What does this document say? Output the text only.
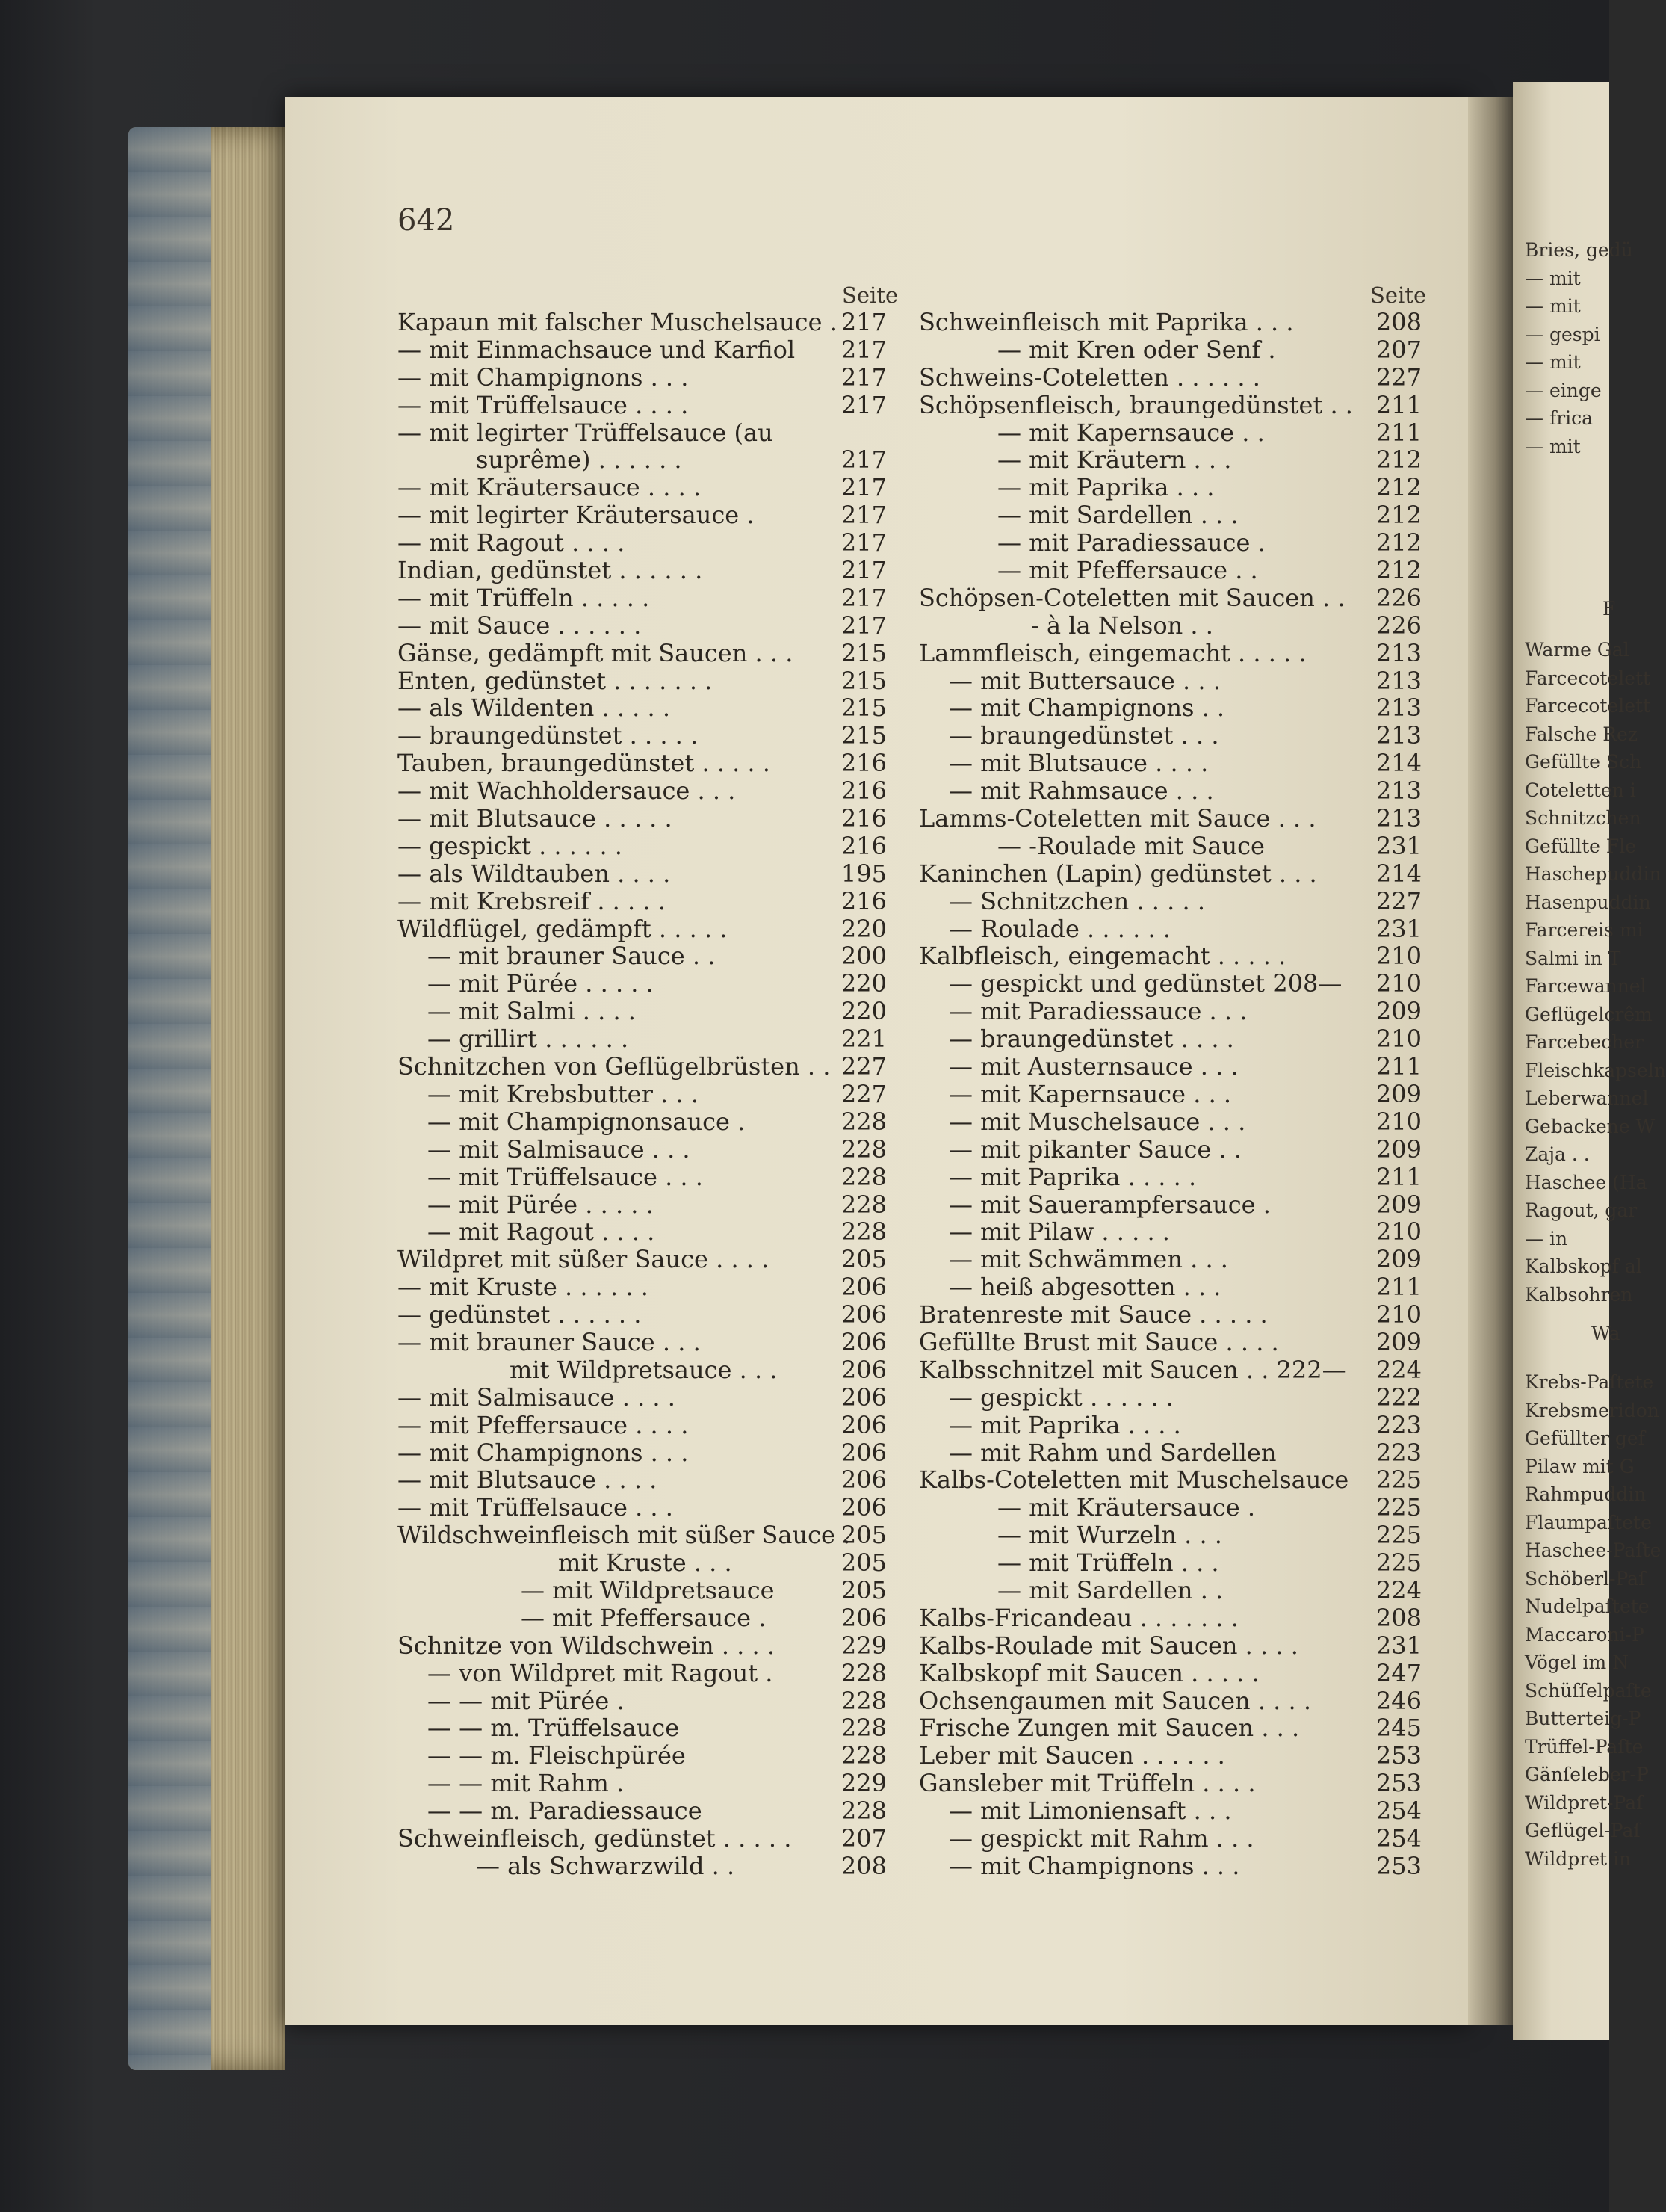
642
Seite	Seite
Kapaun mit falscher Muschelsauce . 217
— mit Einmachsauce und Karfiol 217
— mit Champignons . . .	217
— mit Trüffelsauce . . . .	217
— mit legirter Trüffelsauce (au
suprême) . . . . . .	217
— mit Kräutersauce . . . .	217
— mit legirter Kräutersauce .	217
— mit Ragout . . . .	217
Indian, gedünstet . . . . . .	217
— mit Trüffeln . . . . .	217
— mit Sauce . . . . . .	217
Gänse, gedämpft mit Saucen . . . 215
Enten, gedünstet . . . . . . .	215
— als Wildenten . . . . .	215
— braungedünstet . . . . .	215
Tauben, braungedünstet . . . . .	216
— mit Wachholdersauce . . .	216
— mit Blutsauce . . . . .	216
— gespickt . . . . . .	216
— als Wildtauben . . . .	195
— mit Krebsreif . . . . .	216
Wildflügel, gedämpft . . . . .	220
— mit brauner Sauce . .	200
— mit Pürée . . . . .	220
— mit Salmi . . . .	220
— grillirt . . . . . .	221
Schnitzchen von Geflügelbrüsten . . 227
— mit Krebsbutter . . .	227
— mit Champignonsauce .	228
— mit Salmisauce . . .	228
— mit Trüffelsauce . . .	228
— mit Pürée . . . . .	228
— mit Ragout . . . .	228
Wildpret mit süßer Sauce . . . .	205
— mit Kruste . . . . . .	206
— gedünstet . . . . . .	206
— mit brauner Sauce . . .	206
mit Wildpretsauce . . .	206
— mit Salmisauce . . . .	206
— mit Pfeffersauce . . . .	206
— mit Champignons . . .	206
— mit Blutsauce . . . .	206
— mit Trüffelsauce . . .	206
Wildschweinfleisch mit süßer Sauce .
205
mit Kruste . . .	205
— mit Wildpretsauce	205
— mit Pfeffersauce .	206
Schnitze von Wildschwein . . . .	229
— von Wildpret mit Ragout .	228
— — mit Pürée .	228
— — m. Trüffelsauce	228
— — m. Fleischpürée	228
— — mit Rahm .	229
— — m. Paradiessauce	228
Schweinfleisch, gedünstet . . . . . 207
— als Schwarzwild . .	208
Schweinfleisch mit Paprika . . .	208
— mit Kren oder Senf .	207
Schweins-Coteletten . . . . . .	227
Schöpsenfleisch, braungedünstet . . 211
— mit Kapernsauce . .	211
— mit Kräutern . . .	212
— mit Paprika . . .	212
— mit Sardellen . . .	212
— mit Paradiessauce .	212
— mit Pfeffersauce . .	212
Schöpsen-Coteletten mit Saucen . . 226
- à la Nelson . .	226
Lammfleisch, eingemacht . . . . .	213
— mit Buttersauce . . .	213
— mit Champignons . .	213
— braungedünstet . . .	213
— mit Blutsauce . . . .	214
— mit Rahmsauce . . .	213
Lamms-Coteletten mit Sauce . . .	213
— -Roulade mit Sauce	231
Kaninchen (Lapin) gedünstet . . . 214
— Schnitzchen . . . . .	227
— Roulade . . . . . .	231
Kalbfleisch, eingemacht . . . . .	210
— gespickt und gedünstet 208— 210
— mit Paradiessauce . . .	209
— braungedünstet . . . .	210
— mit Austernsauce . . .	211
— mit Kapernsauce . . .	209
— mit Muschelsauce . . .	210
— mit pikanter Sauce . .	209
— mit Paprika . . . . .	211
— mit Sauerampfersauce .	209
— mit Pilaw . . . . .	210
— mit Schwämmen . . .	209
— heiß abgesotten . . .	211
Bratenreste mit Sauce . . . . .	210
Gefüllte Brust mit Sauce . . . .	209
Kalbsschnitzel mit Saucen . . 222— 224
— gespickt . . . . . .	222
— mit Paprika . . . .	223
— mit Rahm und Sardellen	223
Kalbs-Coteletten mit Muschelsauce 225
— mit Kräutersauce .	225
— mit Wurzeln . . .	225
— mit Trüffeln . . .	225
— mit Sardellen . .	224
Kalbs-Fricandeau . . . . . . .	208
Kalbs-Roulade mit Saucen . . . .	231
Kalbskopf mit Saucen . . . . .	247
Ochsengaumen mit Saucen . . . .	246
Frische Zungen mit Saucen . . .	245
Leber mit Saucen . . . . . .	253
Gansleber mit Trüffeln . . . .	253
— mit Limoniensaft . . .	254
— gespickt mit Rahm . . .	254
— mit Champignons . . .	253
Bries, gedü
— mit
— mit
— gespi
— mit
— einge
— frica
— mit
F
Warme Gal
Farcecotelett
Farcecotelett
Falsche Rez
Gefüllte Sch
Coteletten i
Schnitzchen
Gefüllte Fle
Haschepuddin
Hasenpuddin
Farcereis mi
Salmi in T
Farcewannel
Geflügelcrêm
Farcebecher
Fleischkapseln
Leberwannel
Gebackene W
Zaja . .
Haschee (Ha
Ragout, gar
— in
Kalbskopf al
Kalbsohren
Wa
Krebs-Paſtete
Krebsmeridon
Gefüllter gef
Pilaw mit G
Rahmpuddin
Flaumpaſtete
Haschee-Paſte
Schöberl-Paſ
Nudelpaſtete
Maccaroni-P
Vögel im N
Schüſſelpaſte
Butterteig-P
Trüffel-Paſte
Gänſeleber-P
Wildpret-Paſ
Geflügel-Paſ
Wildpret in
